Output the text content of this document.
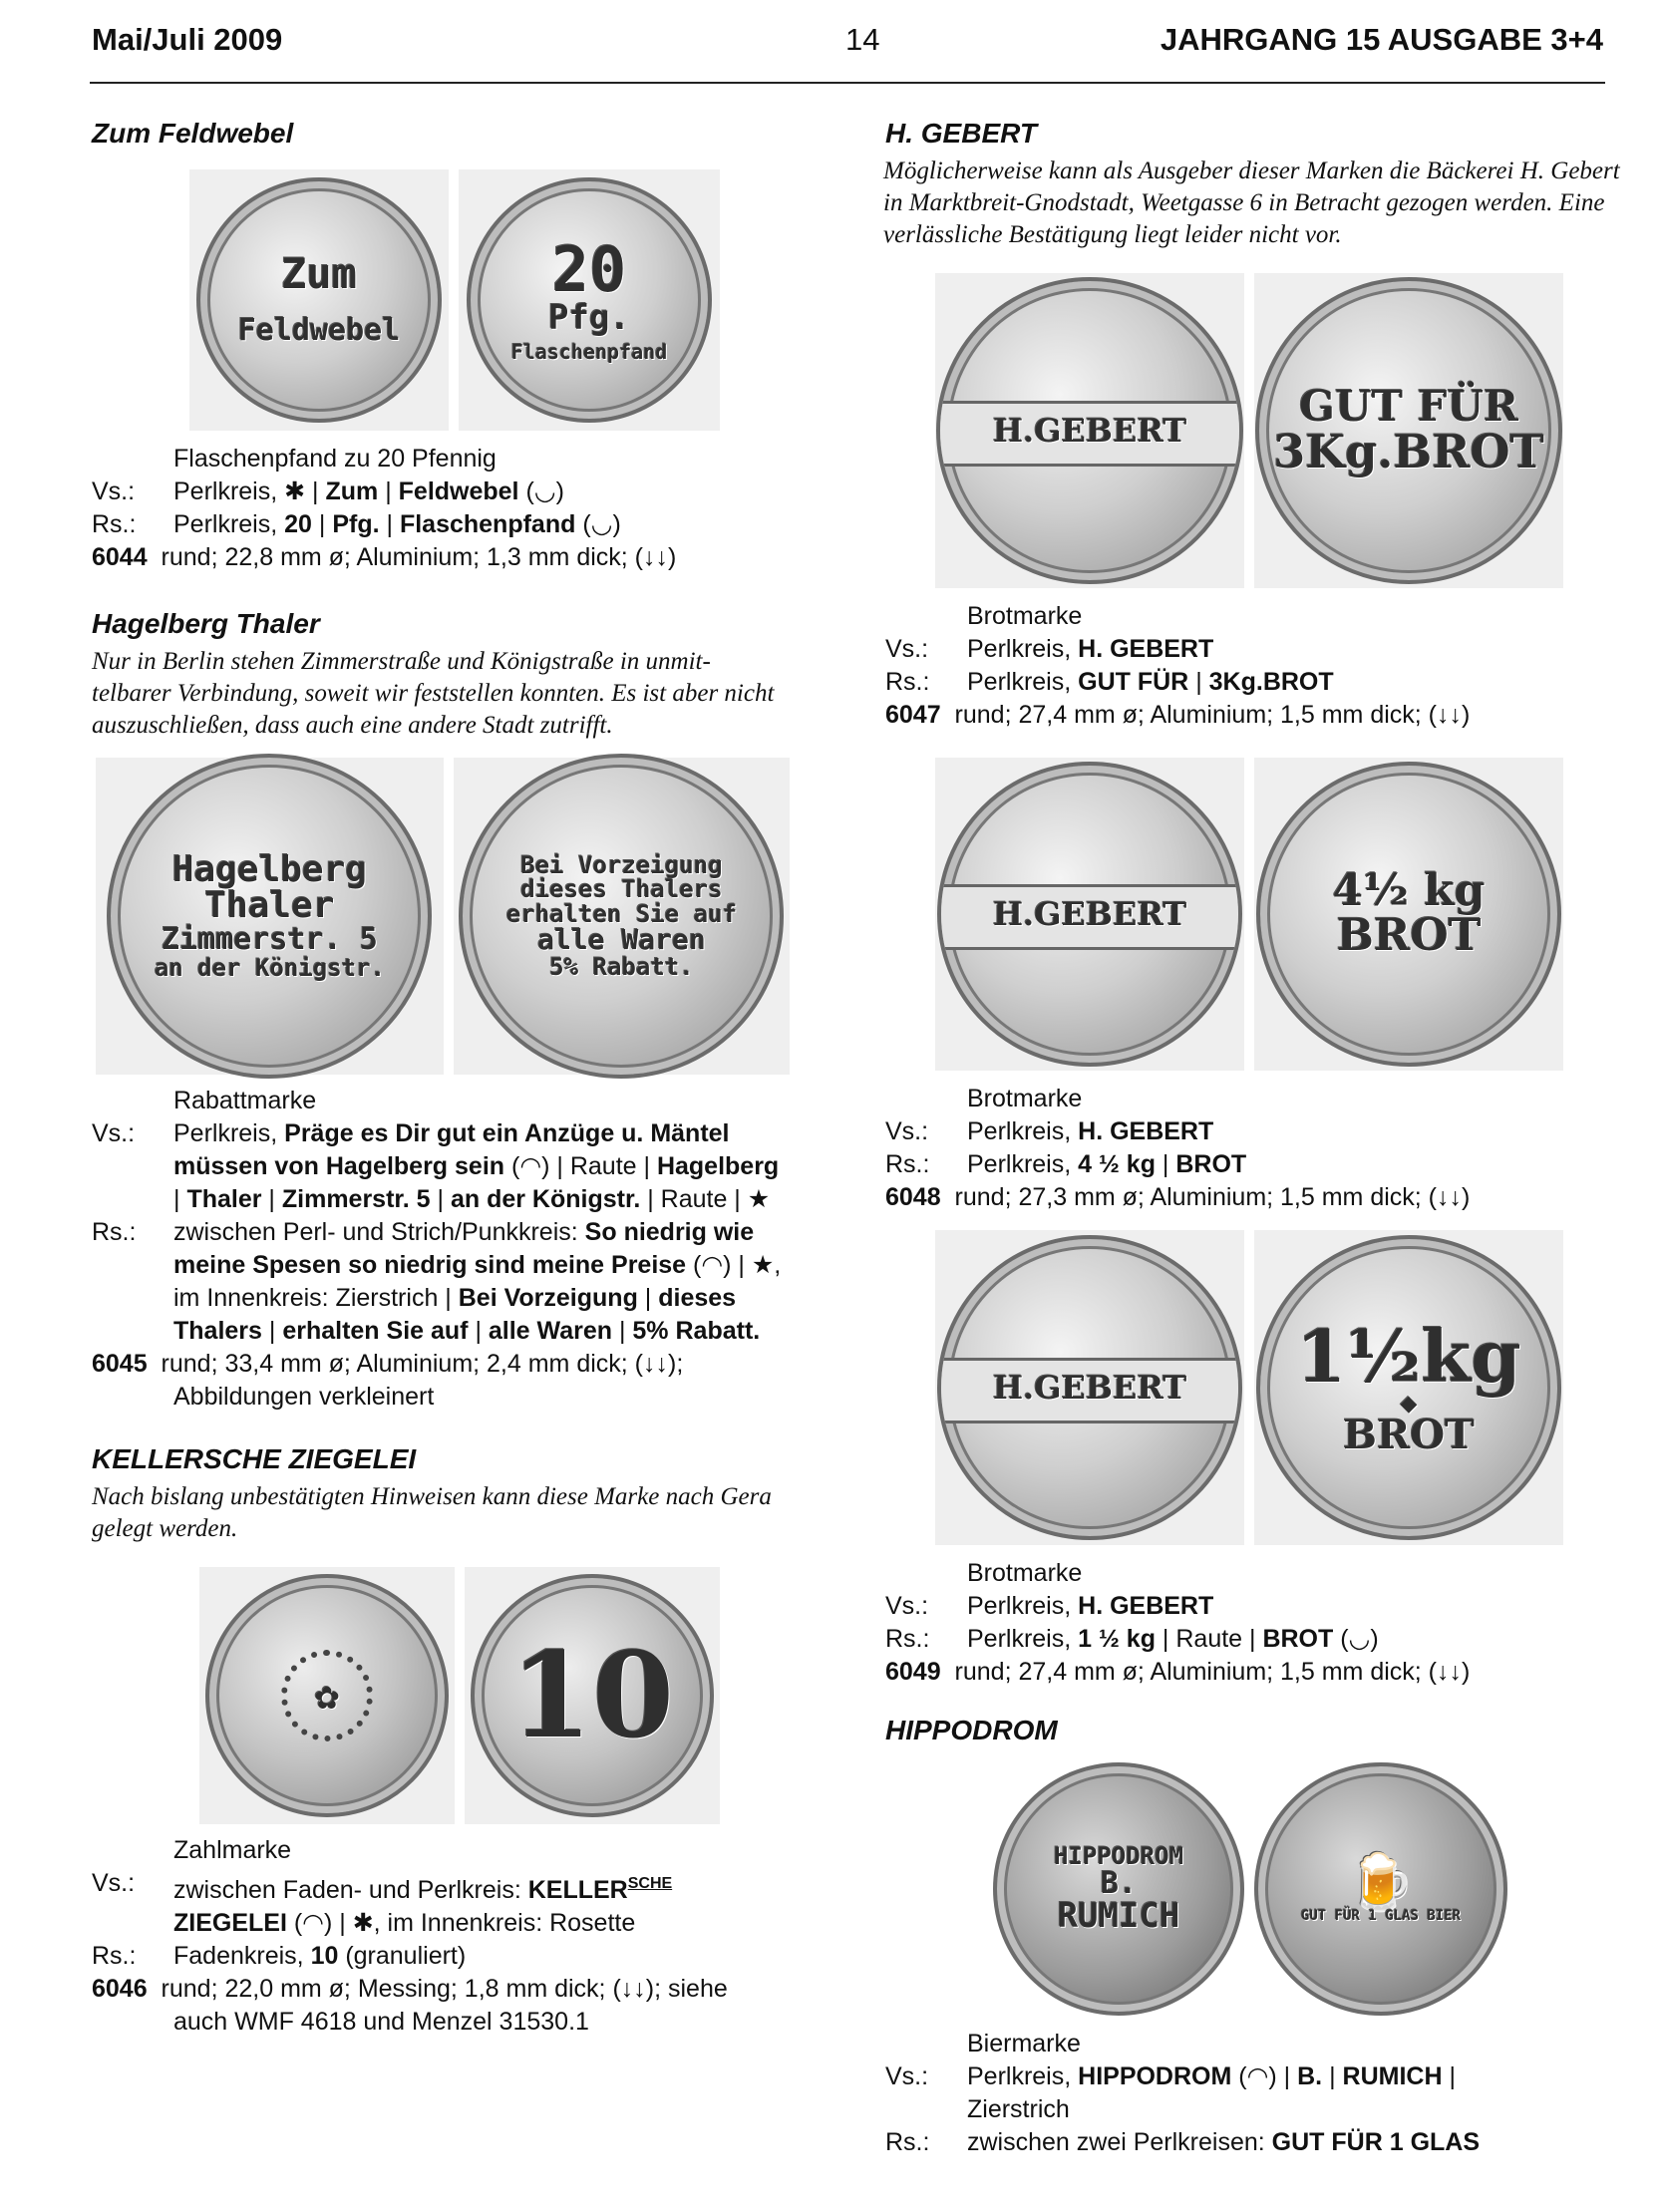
Mai/Juli 2009	14	JAHRGANG 15 AUSGABE 3+4
Zum Feldwebel
Zum
Feldwebel
20
Pfg.
Flaschenpfand
Flaschenpfand zu 20 Pfennig
Vs.:	Perlkreis, ✱ | Zum | Feldwebel (◡)
Rs.:	Perlkreis, 20 | Pfg. | Flaschenpfand (◡)
6044 rund; 22,8 mm ø; Aluminium; 1,3 mm dick; (↓↓)
Hagelberg Thaler

Nur in Berlin stehen Zimmerstraße und Königstraße in unmit-telbarer Verbindung, soweit wir feststellen konnten. Es ist aber nicht auszuschließen, dass auch eine andere Stadt zutrifft.

Hagelberg
Thaler
Zimmerstr. 5
an der Königstr.
Bei Vorzeigung
dieses Thalers
erhalten Sie auf
alle Waren
5% Rabatt.
Rabattmarke
Vs.:	Perlkreis, Präge es Dir gut ein Anzüge u. Mäntel müssen von Hagelberg sein (◠) | Raute | Hagelberg | Thaler | Zimmerstr. 5 | an der Königstr. | Raute | ★
Rs.:	zwischen Perl- und Strich/Punkkreis: So niedrig wie meine Spesen so niedrig sind meine Preise (◠) | ★, im Innenkreis: Zierstrich | Bei Vorzeigung | dieses Thalers | erhalten Sie auf | alle Waren | 5% Rabatt.
6045 rund; 33,4 mm ø; Aluminium; 2,4 mm dick; (↓↓);
Abbildungen verkleinert
KELLERSCHE ZIEGELEI

Nach bislang unbestätigten Hinweisen kann diese Marke nach Gera gelegt werden.

✿ 10
Zahlmarke
Vs.:	zwischen Faden- und Perlkreis: $KELLER^{SCHE}$
ZIEGELEI (◠) | ✱, im Innenkreis: Rosette
Rs.:	Fadenkreis, 10 (granuliert)
6046 rund; 22,0 mm ø; Messing; 1,8 mm dick; (↓↓); siehe
auch WMF 4618 und Menzel 31530.1
H. GEBERT

Möglicherweise kann als Ausgeber dieser Marken die Bäckerei H. Gebert in Marktbreit-Gnodstadt, Weetgasse 6 in Betracht gezogen werden. Eine verlässliche Bestätigung liegt leider nicht vor.

H.GEBERT	GUT FÜR
3Kg.BROT
Brotmarke
Vs.:	Perlkreis, H. GEBERT
Rs.:	Perlkreis, GUT FÜR | 3Kg.BROT
6047 rund; 27,4 mm ø; Aluminium; 1,5 mm dick; (↓↓)
H.GEBERT	4½ kg
BROT
Brotmarke
Vs.:	Perlkreis, H. GEBERT
Rs.:	Perlkreis, 4 ½ kg | BROT
6048 rund; 27,3 mm ø; Aluminium; 1,5 mm dick; (↓↓)
H.GEBERT 1½kg
◆
BROT
Brotmarke
Vs.:	Perlkreis, H. GEBERT
Rs.:	Perlkreis, 1 ½ kg | Raute | BROT (◡)
6049 rund; 27,4 mm ø; Aluminium; 1,5 mm dick; (↓↓)
HIPPODROM
HIPPODROM
B.
RUMICH
🍺
GUT FÜR 1 GLAS BIER
Biermarke
Vs.:	Perlkreis, HIPPODROM (◠) | B. | RUMICH |
Zierstrich
Rs.:	zwischen zwei Perlkreisen: GUT FÜR 1 GLAS
